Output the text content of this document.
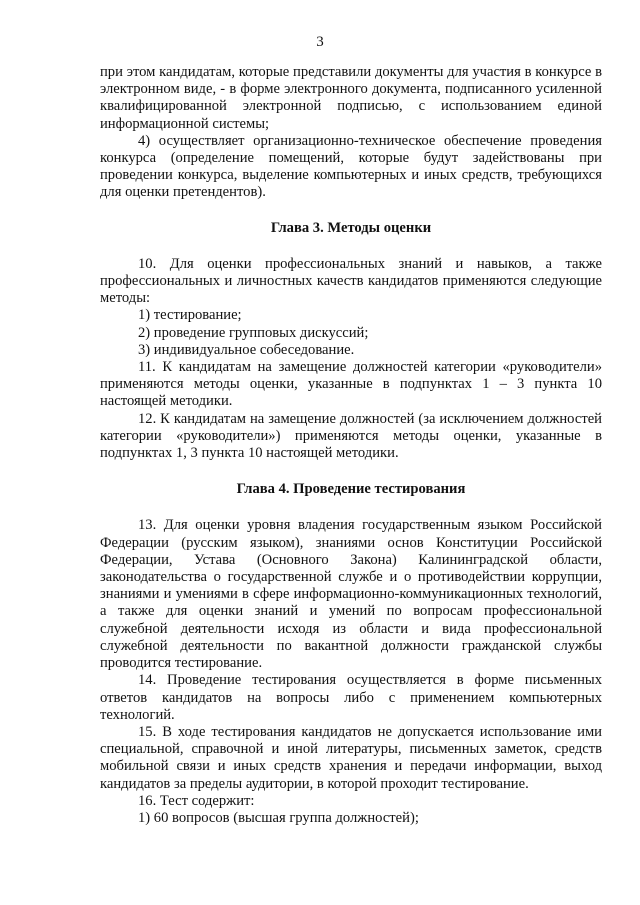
3

при этом кандидатам, которые представили документы для участия в конкурсе в электронном виде, - в форме электронного документа, подписанного усиленной квалифицированной электронной подписью, с использованием единой информационной системы;

4) осуществляет организационно-техническое обеспечение проведения конкурса (определение помещений, которые будут задействованы при проведении конкурса, выделение компьютерных и иных средств, требующихся для оценки претендентов).

Глава 3. Методы оценки

10. Для оценки профессиональных знаний и навыков, а также профессиональных и личностных качеств кандидатов применяются следующие методы:

1) тестирование;

2) проведение групповых дискуссий;

3) индивидуальное собеседование.

11. К кандидатам на замещение должностей категории «руководители» применяются методы оценки, указанные в подпунктах 1 – 3 пункта 10 настоящей методики.

12. К кандидатам на замещение должностей (за исключением должностей категории «руководители») применяются методы оценки, указанные в подпунктах 1, 3 пункта 10 настоящей методики.

Глава 4. Проведение тестирования

13. Для оценки уровня владения государственным языком Российской Федерации (русским языком), знаниями основ Конституции Российской Федерации, Устава (Основного Закона) Калининградской области, законодательства о государственной службе и о противодействии коррупции, знаниями и умениями в сфере информационно-коммуникационных технологий, а также для оценки знаний и умений по вопросам профессиональной служебной деятельности исходя из области и вида профессиональной служебной деятельности по вакантной должности гражданской службы проводится тестирование.

14. Проведение тестирования осуществляется в форме письменных ответов кандидатов на вопросы либо с применением компьютерных технологий.

15. В ходе тестирования кандидатов не допускается использование ими специальной, справочной и иной литературы, письменных заметок, средств мобильной связи и иных средств хранения и передачи информации, выход кандидатов за пределы аудитории, в которой проходит тестирование.

16. Тест содержит:

1) 60 вопросов (высшая группа должностей);
